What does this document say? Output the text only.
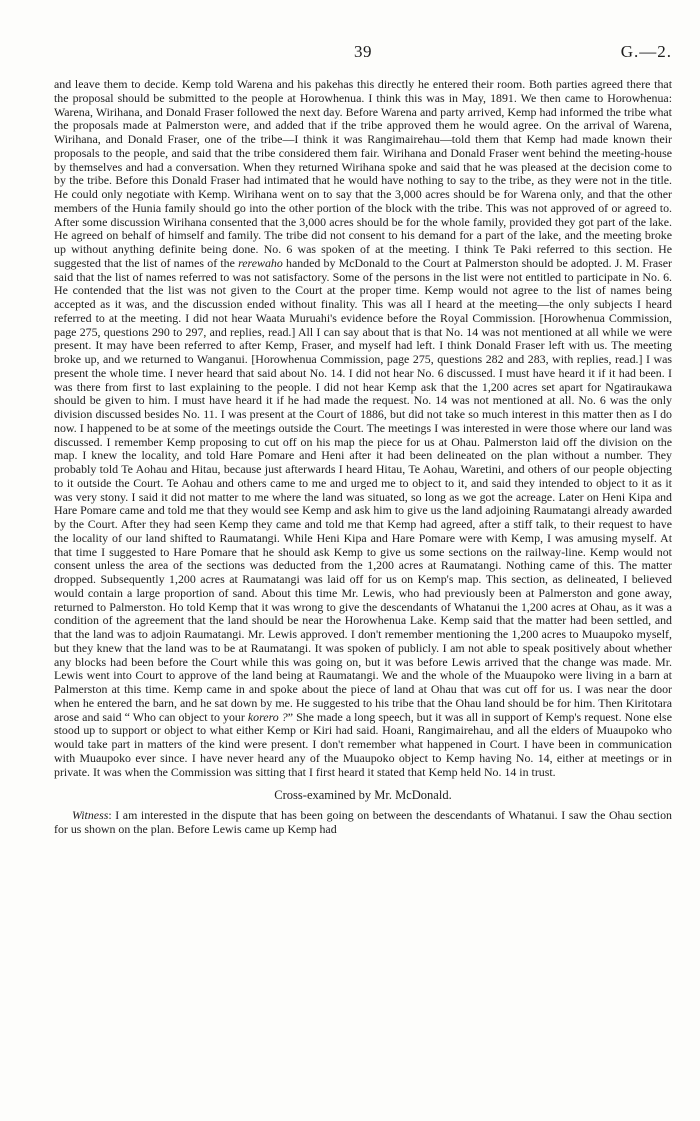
39	G.—2.

and leave them to decide. Kemp told Warena and his pakehas this directly he entered their room. Both parties agreed there that the proposal should be submitted to the people at Horowhenua. I think this was in May, 1891. We then came to Horowhenua: Warena, Wirihana, and Donald Fraser followed the next day. Before Warena and party arrived, Kemp had informed the tribe what the proposals made at Palmerston were, and added that if the tribe approved them he would agree. On the arrival of Warena, Wirihana, and Donald Fraser, one of the tribe—I think it was Rangimairehau—told them that Kemp had made known their proposals to the people, and said that the tribe considered them fair. Wirihana and Donald Fraser went behind the meeting-house by themselves and had a conversation. When they returned Wirihana spoke and said that he was pleased at the decision come to by the tribe. Before this Donald Fraser had intimated that he would have nothing to say to the tribe, as they were not in the title. He could only negotiate with Kemp. Wirihana went on to say that the 3,000 acres should be for Warena only, and that the other members of the Hunia family should go into the other portion of the block with the tribe. This was not approved of or agreed to. After some discussion Wirihana consented that the 3,000 acres should be for the whole family, provided they got part of the lake. He agreed on behalf of himself and family. The tribe did not consent to his demand for a part of the lake, and the meeting broke up without anything definite being done. No. 6 was spoken of at the meeting. I think Te Paki referred to this section. He suggested that the list of names of the rerewaho handed by McDonald to the Court at Palmerston should be adopted. J. M. Fraser said that the list of names referred to was not satisfactory. Some of the persons in the list were not entitled to participate in No. 6. He contended that the list was not given to the Court at the proper time. Kemp would not agree to the list of names being accepted as it was, and the discussion ended without finality. This was all I heard at the meeting—the only subjects I heard referred to at the meeting. I did not hear Waata Muruahi's evidence before the Royal Commission. [Horowhenua Commission, page 275, questions 290 to 297, and replies, read.] All I can say about that is that No. 14 was not mentioned at all while we were present. It may have been referred to after Kemp, Fraser, and myself had left. I think Donald Fraser left with us. The meeting broke up, and we returned to Wanganui. [Horowhenua Commission, page 275, questions 282 and 283, with replies, read.] I was present the whole time. I never heard that said about No. 14. I did not hear No. 6 discussed. I must have heard it if it had been. I was there from first to last explaining to the people. I did not hear Kemp ask that the 1,200 acres set apart for Ngatiraukawa should be given to him. I must have heard it if he had made the request. No. 14 was not mentioned at all. No. 6 was the only division discussed besides No. 11. I was present at the Court of 1886, but did not take so much interest in this matter then as I do now. I happened to be at some of the meetings outside the Court. The meetings I was interested in were those where our land was discussed. I remember Kemp proposing to cut off on his map the piece for us at Ohau. Palmerston laid off the division on the map. I knew the locality, and told Hare Pomare and Heni after it had been delineated on the plan without a number. They probably told Te Aohau and Hitau, because just afterwards I heard Hitau, Te Aohau, Waretini, and others of our people objecting to it outside the Court. Te Aohau and others came to me and urged me to object to it, and said they intended to object to it as it was very stony. I said it did not matter to me where the land was situated, so long as we got the acreage. Later on Heni Kipa and Hare Pomare came and told me that they would see Kemp and ask him to give us the land adjoining Raumatangi already awarded by the Court. After they had seen Kemp they came and told me that Kemp had agreed, after a stiff talk, to their request to have the locality of our land shifted to Raumatangi. While Heni Kipa and Hare Pomare were with Kemp, I was amusing myself. At that time I suggested to Hare Pomare that he should ask Kemp to give us some sections on the railway-line. Kemp would not consent unless the area of the sections was deducted from the 1,200 acres at Raumatangi. Nothing came of this. The matter dropped. Subsequently 1,200 acres at Raumatangi was laid off for us on Kemp's map. This section, as delineated, I believed would contain a large proportion of sand. About this time Mr. Lewis, who had previously been at Palmerston and gone away, returned to Palmerston. Ho told Kemp that it was wrong to give the descendants of Whatanui the 1,200 acres at Ohau, as it was a condition of the agreement that the land should be near the Horowhenua Lake. Kemp said that the matter had been settled, and that the land was to adjoin Raumatangi. Mr. Lewis approved. I don't remember mentioning the 1,200 acres to Muaupoko myself, but they knew that the land was to be at Raumatangi. It was spoken of publicly. I am not able to speak positively about whether any blocks had been before the Court while this was going on, but it was before Lewis arrived that the change was made. Mr. Lewis went into Court to approve of the land being at Raumatangi. We and the whole of the Muaupoko were living in a barn at Palmerston at this time. Kemp came in and spoke about the piece of land at Ohau that was cut off for us. I was near the door when he entered the barn, and he sat down by me. He suggested to his tribe that the Ohau land should be for him. Then Kiritotara arose and said “ Who can object to your korero ?” She made a long speech, but it was all in support of Kemp's request. None else stood up to support or object to what either Kemp or Kiri had said. Hoani, Rangimairehau, and all the elders of Muaupoko who would take part in matters of the kind were present. I don't remember what happened in Court. I have been in communication with Muaupoko ever since. I have never heard any of the Muaupoko object to Kemp having No. 14, either at meetings or in private. It was when the Commission was sitting that I first heard it stated that Kemp held No. 14 in trust.

Cross-examined by Mr. McDonald.

Witness: I am interested in the dispute that has been going on between the descendants of Whatanui. I saw the Ohau section for us shown on the plan. Before Lewis came up Kemp had
